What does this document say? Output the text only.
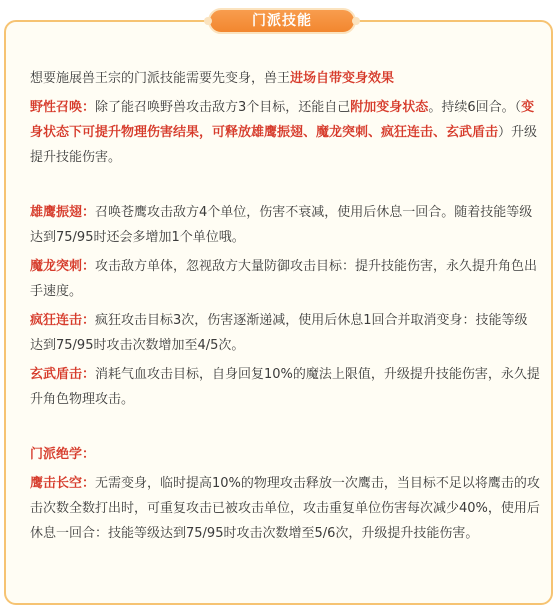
想要施展兽王宗的门派技能需要先变身，兽王进场自带变身效果

野性召唤：除了能召唤野兽攻击敌方3个目标，还能自己附加变身状态。持续6回合。（变身状态下可提升物理伤害结果，可释放雄鹰振翅、魔龙突刺、疯狂连击、玄武盾击）升级提升技能伤害。

雄鹰振翅：召唤苍鹰攻击敌方4个单位，伤害不衰减，使用后休息一回合。随着技能等级达到75/95时还会多增加1个单位哦。

魔龙突刺：攻击敌方单体，忽视敌方大量防御攻击目标：提升技能伤害，永久提升角色出手速度。

疯狂连击：疯狂攻击目标3次，伤害逐渐递减，使用后休息1回合并取消变身：技能等级达到75/95时攻击次数增加至4/5次。

玄武盾击：消耗气血攻击目标，自身回复10%的魔法上限值，升级提升技能伤害，永久提升角色物理攻击。

门派绝学：

鹰击长空：无需变身，临时提高10%的物理攻击释放一次鹰击，当目标不足以将鹰击的攻击次数全数打出时，可重复攻击已被攻击单位，攻击重复单位伤害每次减少40%，使用后休息一回合：技能等级达到75/95时攻击次数增至5/6次，升级提升技能伤害。

门派技能
